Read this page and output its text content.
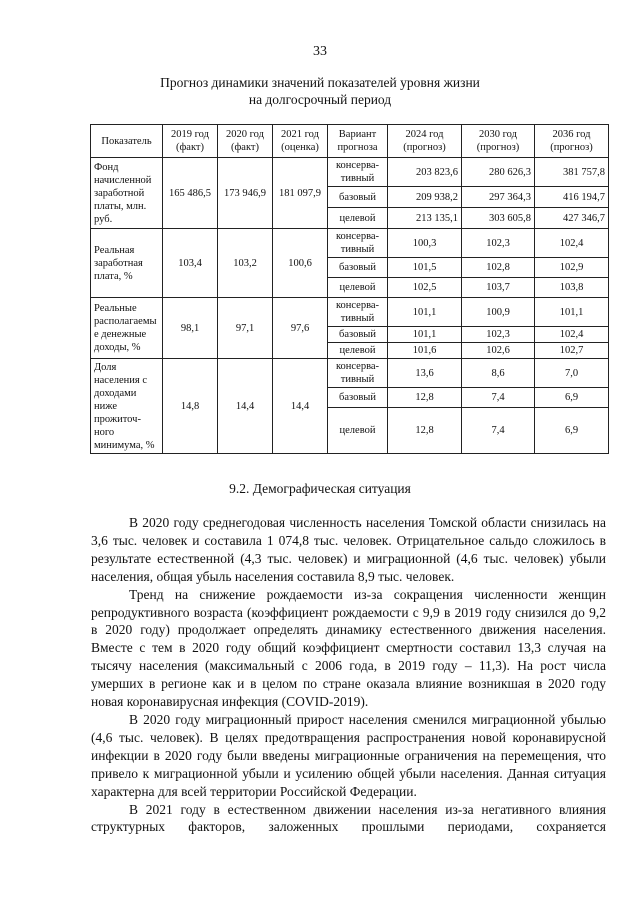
33
Прогноз динамики значений показателей уровня жизни
на долгосрочный период
Показатель	2019 год (факт)	2020 год (факт)	2021 год (оценка)	Вариант прогноза	2024 год (прогноз)	2030 год (прогноз)	2036 год (прогноз)
Фонд начисленной заработной платы, млн. руб.	165 486,5	173 946,9	181 097,9	консерва-тивный	203 823,6	280 626,3	381 757,8
				базовый	209 938,2	297 364,3	416 194,7
				целевой	213 135,1	303 605,8	427 346,7
Реальная заработная плата, %	103,4	103,2	100,6	консерва-тивный	100,3	102,3	102,4
				базовый	101,5	102,8	102,9
				целевой	102,5	103,7	103,8
Реальные располагаемы е денежные доходы, %	98,1	97,1	97,6	консерва-тивный	101,1	100,9	101,1
				базовый	101,1	102,3	102,4
				целевой	101,6	102,6	102,7
Доля населения с доходами ниже прожиточ-ного минимума, %	14,8	14,4	14,4	консерва-тивный	13,6	8,6	7,0
				базовый	12,8	7,4	6,9
				целевой	12,8	7,4	6,9
9.2. Демографическая ситуация

В 2020 году среднегодовая численность населения Томской области снизилась на 3,6 тыс. человек и составила 1 074,8 тыс. человек. Отрицательное сальдо сложилось в результате естественной (4,3 тыс. человек) и миграционной (4,6 тыс. человек) убыли населения, общая убыль населения составила 8,9 тыс. человек.

Тренд на снижение рождаемости из-за сокращения численности женщин репродуктивного возраста (коэффициент рождаемости с 9,9 в 2019 году снизился до 9,2 в 2020 году) продолжает определять динамику естественного движения населения. Вместе с тем в 2020 году общий коэффициент смертности составил 13,3 случая на тысячу населения (максимальный с 2006 года, в 2019 году – 11,3). На рост числа умерших в регионе как и в целом по стране оказала влияние возникшая в 2020 году новая коронавирусная инфекция (COVID-2019).

В 2020 году миграционный прирост населения сменился миграционной убылью (4,6 тыс. человек). В целях предотвращения распространения новой коронавирусной инфекции в 2020 году были введены миграционные ограничения на перемещения, что привело к миграционной убыли и усилению общей убыли населения. Данная ситуация характерна для всей территории Российской Федерации.

В 2021 году в естественном движении населения из-за негативного влияния структурных факторов, заложенных прошлыми периодами, сохраняется
